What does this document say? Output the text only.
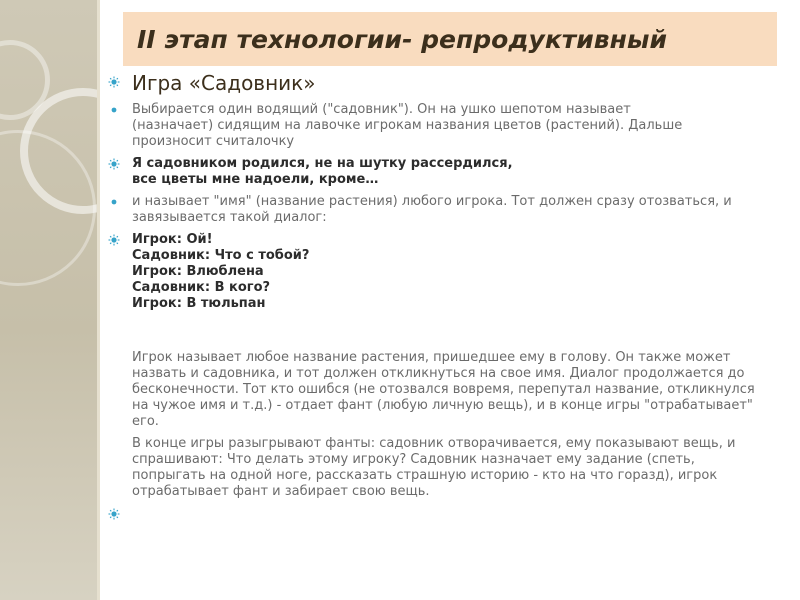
II этап технологии- репродуктивный
Игра «Садовник»
Выбирается один водящий ("садовник"). Он на ушко шепотом называет
(назначает) сидящим на лавочке игрокам названия цветов (растений). Дальше
произносит считалочку
Я садовником родился, не на шутку рассердился,
все цветы мне надоели, кроме…
и называет "имя" (название растения) любого игрока. Тот должен сразу отозваться, и
завязывается такой диалог:
Игрок: Ой!
Садовник: Что с тобой?
Игрок: Влюблена
Садовник: В кого?
Игрок: В тюльпан
Игрок называет любое название растения, пришедшее ему в голову. Он также может
назвать и садовника, и тот должен откликнуться на свое имя. Диалог продолжается до
бесконечности. Тот кто ошибся (не отозвался вовремя, перепутал название, откликнулся
на чужое имя и т.д.) - отдает фант (любую личную вещь), и в конце игры "отрабатывает"
его.
В конце игры разыгрывают фанты: садовник отворачивается, ему показывают вещь, и
спрашивают: Что делать этому игроку? Садовник назначает ему задание (спеть,
попрыгать на одной ноге, рассказать страшную историю - кто на что горазд), игрок
отрабатывает фант и забирает свою вещь.
